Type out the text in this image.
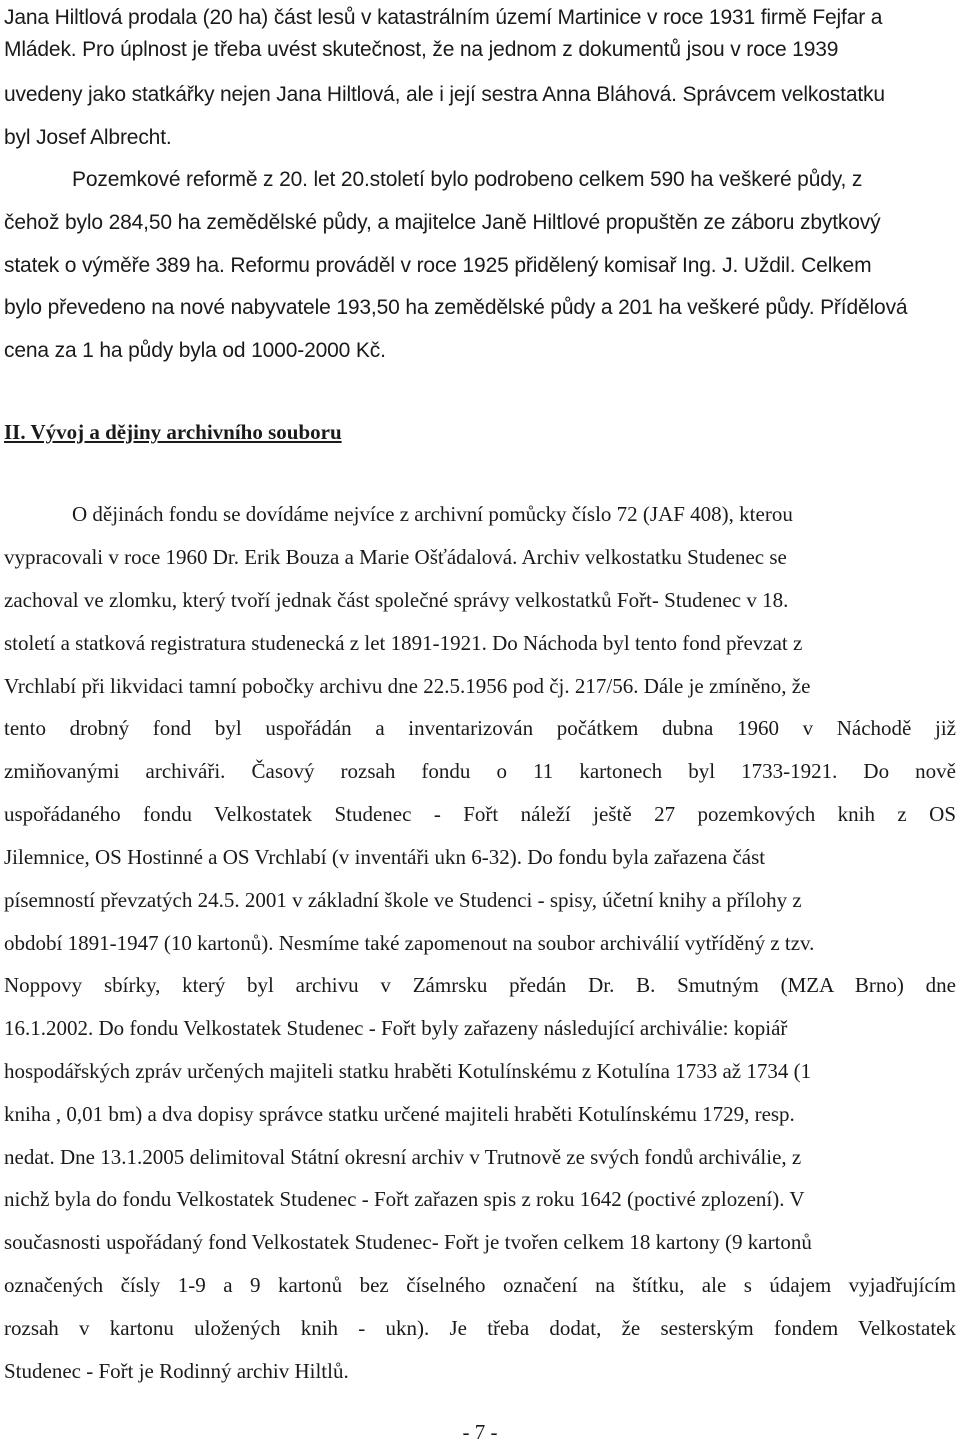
Jana Hiltlová prodala (20 ha) část lesů v katastrálním území Martinice v roce 1931 firmě Fejfar a
Mládek. Pro úplnost je třeba uvést skutečnost, že na jednom z dokumentů jsou v roce 1939
uvedeny jako statkářky nejen Jana Hiltlová, ale i její sestra Anna Bláhová. Správcem velkostatku
byl Josef Albrecht.
Pozemkové reformě z 20. let 20.století bylo podrobeno celkem 590 ha veškeré půdy, z
čehož bylo 284,50 ha zemědělské půdy, a majitelce Janě Hiltlové propuštěn ze záboru zbytkový
statek o výměře 389 ha. Reformu prováděl v roce 1925 přidělený komisař Ing. J. Uždil. Celkem
bylo převedeno na nové nabyvatele 193,50 ha zemědělské půdy a 201 ha veškeré půdy. Přídělová
cena za 1 ha půdy byla od 1000-2000 Kč.
II. Vývoj a dějiny archivního souboru
O dějinách fondu se dovídáme nejvíce z archivní pomůcky číslo 72 (JAF 408), kterou
vypracovali v roce 1960 Dr. Erik Bouza a Marie Ošťádalová. Archiv velkostatku Studenec se
zachoval ve zlomku, který tvoří jednak část společné správy velkostatků Fořt- Studenec v 18.
století a statková registratura studenecká z let 1891-1921. Do Náchoda byl tento fond převzat z
Vrchlabí při likvidaci tamní pobočky archivu dne 22.5.1956 pod čj. 217/56. Dále je zmíněno, že
tento drobný fond byl uspořádán a inventarizován počátkem dubna 1960 v Náchodě již
zmiňovanými archiváři. Časový rozsah fondu o 11 kartonech byl 1733-1921. Do nově
uspořádaného fondu Velkostatek Studenec - Fořt náleží ještě 27 pozemkových knih z OS
Jilemnice, OS Hostinné a OS Vrchlabí (v inventáři ukn 6-32). Do fondu byla zařazena část
písemností převzatých 24.5. 2001 v základní škole ve Studenci - spisy, účetní knihy a přílohy z
období 1891-1947 (10 kartonů). Nesmíme také zapomenout na soubor archiválií vytříděný z tzv.
Noppovy sbírky, který byl archivu v Zámrsku předán Dr. B. Smutným (MZA Brno) dne
16.1.2002. Do fondu Velkostatek Studenec - Fořt byly zařazeny následující archiválie: kopiář
hospodářských zpráv určených majiteli statku hraběti Kotulínskému z Kotulína 1733 až 1734 (1
kniha , 0,01 bm) a dva dopisy správce statku určené majiteli hraběti Kotulínskému 1729, resp.
nedat. Dne 13.1.2005 delimitoval Státní okresní archiv v Trutnově ze svých fondů archiválie, z
nichž byla do fondu Velkostatek Studenec - Fořt zařazen spis z roku 1642 (poctivé zplození). V
současnosti uspořádaný fond Velkostatek Studenec- Fořt je tvořen celkem 18 kartony (9 kartonů
označených čísly 1-9 a 9 kartonů bez číselného označení na štítku, ale s údajem vyjadřujícím
rozsah v kartonu uložených knih - ukn). Je třeba dodat, že sesterským fondem Velkostatek
Studenec - Fořt je Rodinný archiv Hiltlů.
- 7 -
